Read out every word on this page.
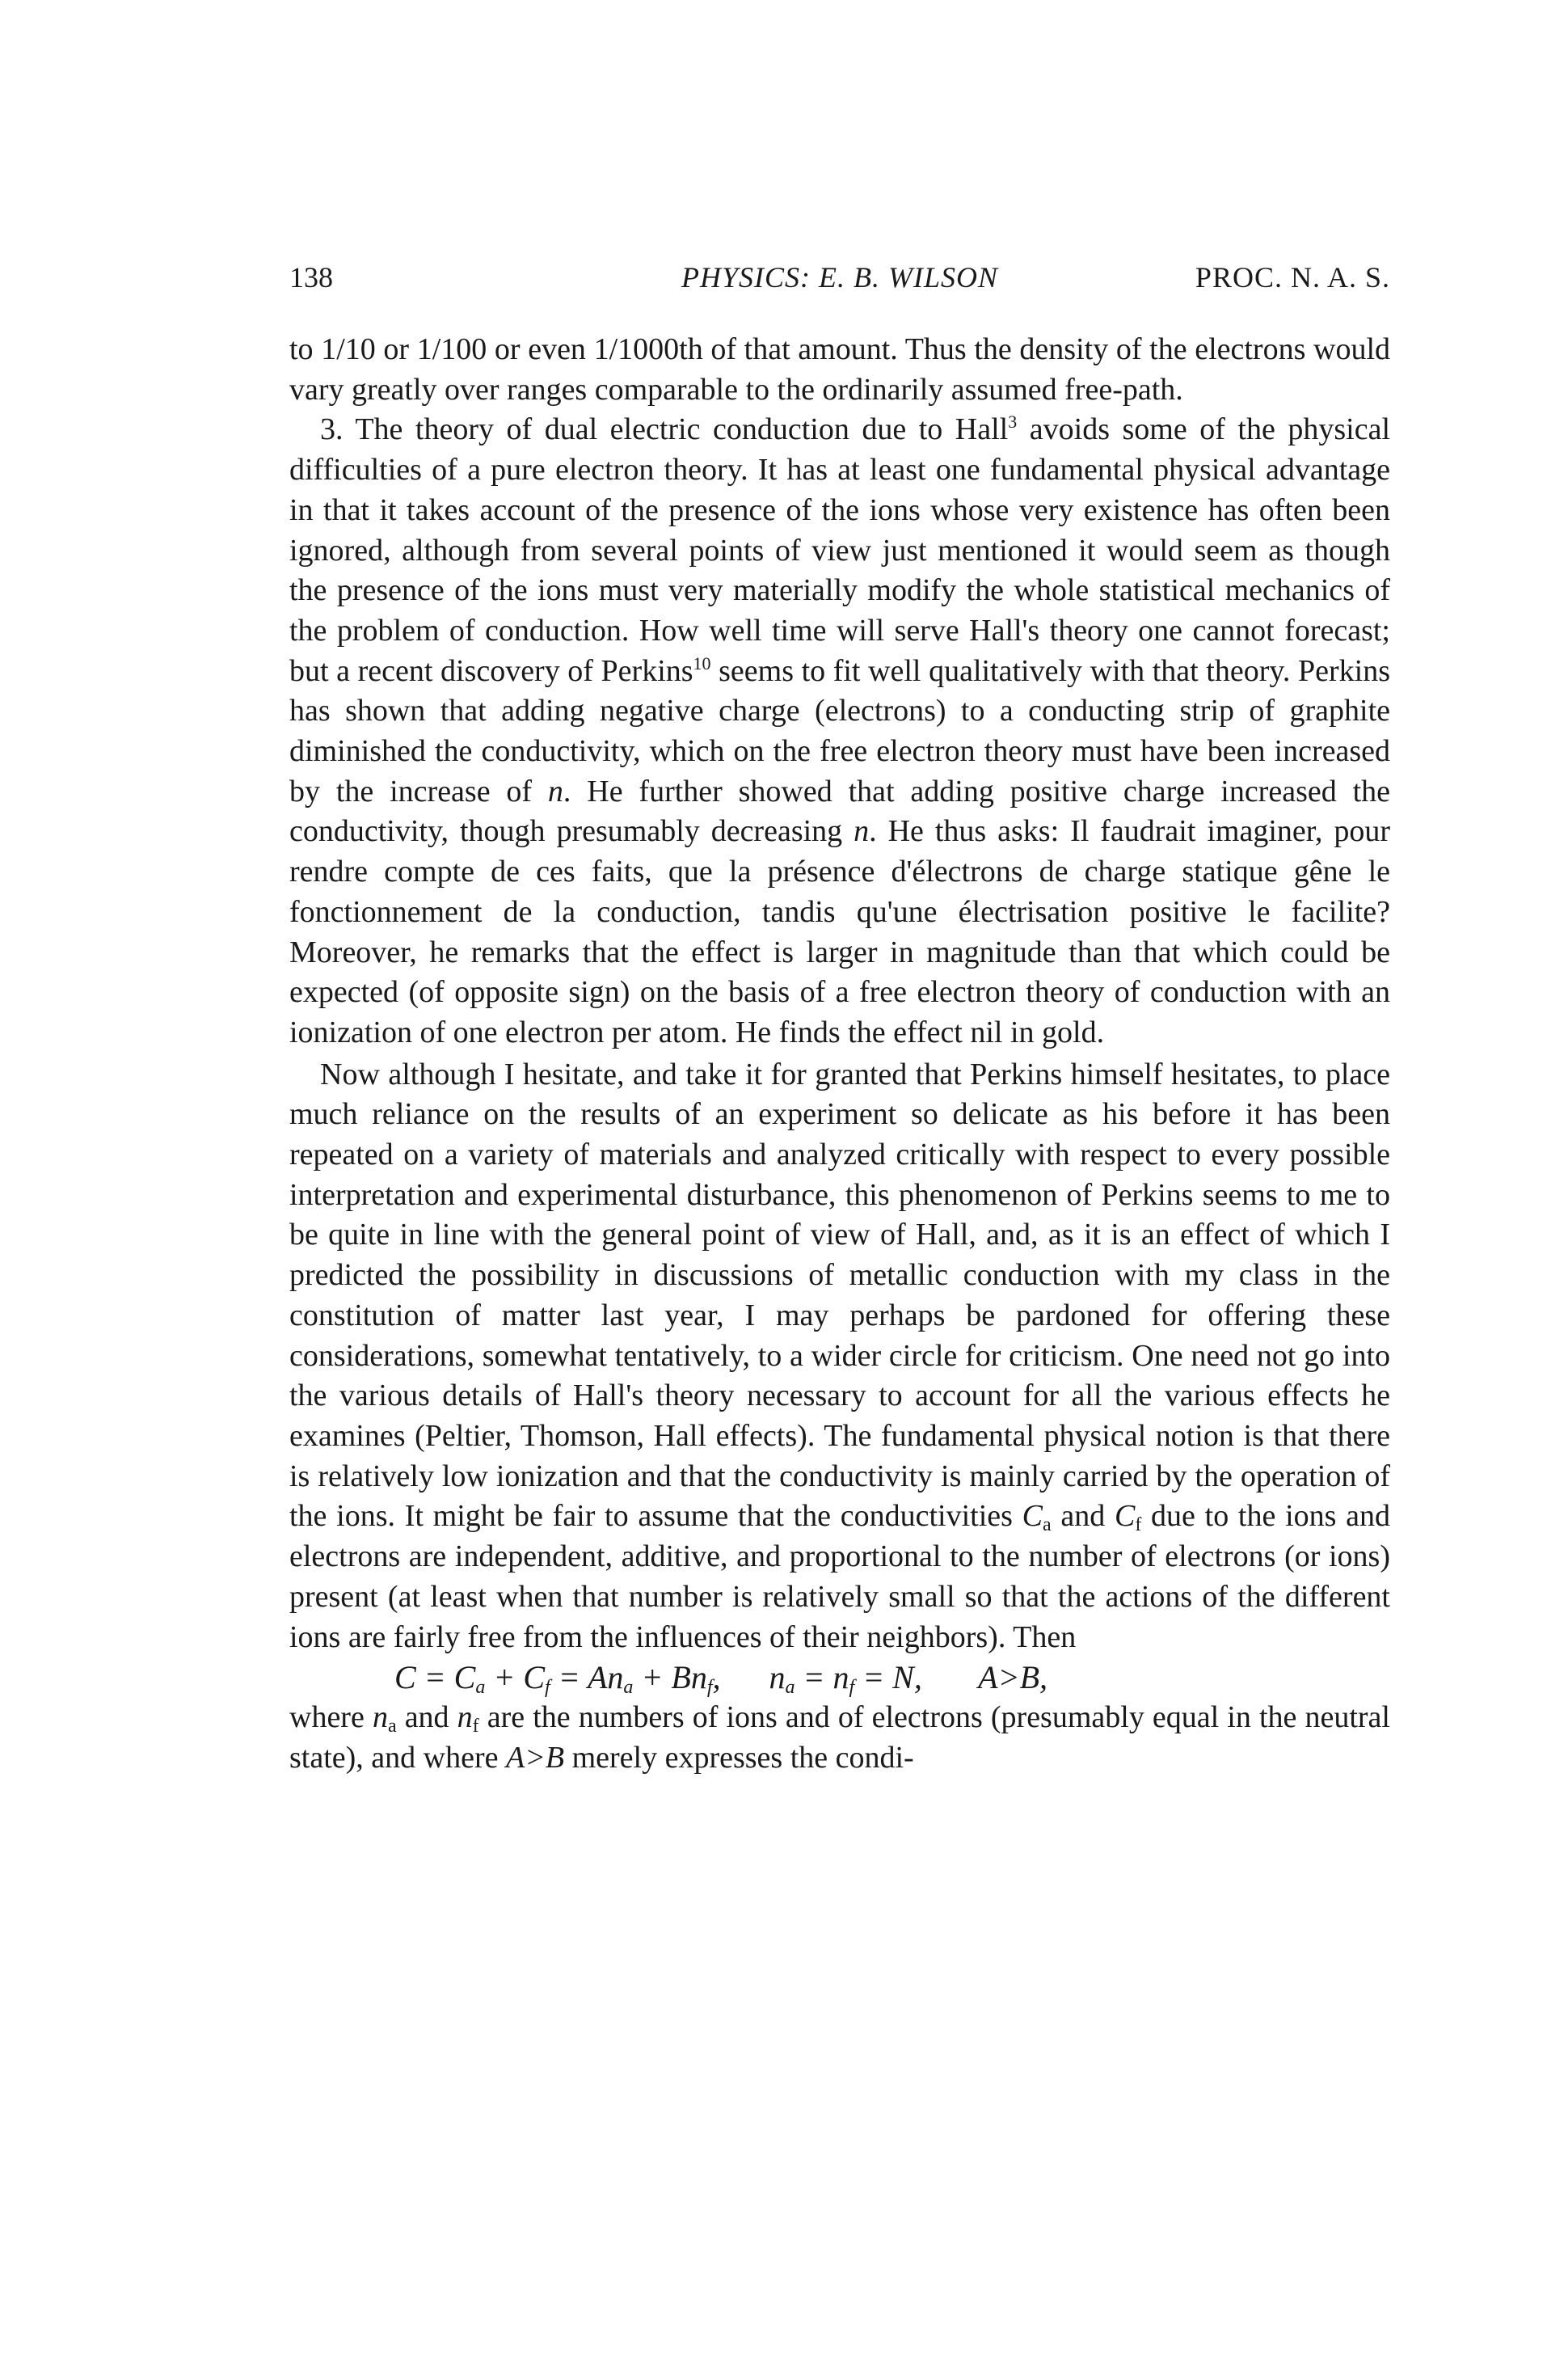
138	PHYSICS: E. B. WILSON	PROC. N. A. S.

to 1/10 or 1/100 or even 1/1000th of that amount. Thus the density of the electrons would vary greatly over ranges comparable to the ordinarily assumed free-path.

3. The theory of dual electric conduction due to Hall$^3$ avoids some of the physical difficulties of a pure electron theory. It has at least one fundamental physical advantage in that it takes account of the presence of the ions whose very existence has often been ignored, although from several points of view just mentioned it would seem as though the presence of the ions must very materially modify the whole statistical mechanics of the problem of conduction. How well time will serve Hall's theory one cannot forecast; but a recent discovery of Perkins$^{10}$ seems to fit well qualitatively with that theory. Perkins has shown that adding negative charge (electrons) to a conducting strip of graphite diminished the conductivity, which on the free electron theory must have been increased by the increase of n. He further showed that adding positive charge increased the conductivity, though presumably decreasing n. He thus asks: Il faudrait imaginer, pour rendre compte de ces faits, que la présence d'électrons de charge statique gêne le fonctionnement de la conduction, tandis qu'une électrisation positive le facilite? Moreover, he remarks that the effect is larger in magnitude than that which could be expected (of opposite sign) on the basis of a free electron theory of conduction with an ionization of one electron per atom. He finds the effect nil in gold.

Now although I hesitate, and take it for granted that Perkins himself hesitates, to place much reliance on the results of an experiment so delicate as his before it has been repeated on a variety of materials and analyzed critically with respect to every possible interpretation and experimental disturbance, this phenomenon of Perkins seems to me to be quite in line with the general point of view of Hall, and, as it is an effect of which I predicted the possibility in discussions of metallic conduction with my class in the constitution of matter last year, I may perhaps be pardoned for offering these considerations, somewhat tentatively, to a wider circle for criticism. One need not go into the various details of Hall's theory necessary to account for all the various effects he examines (Peltier, Thomson, Hall effects). The fundamental physical notion is that there is relatively low ionization and that the conductivity is mainly carried by the operation of the ions. It might be fair to assume that the conductivities $C_a$ and $C_f$ due to the ions and electrons are independent, additive, and proportional to the number of electrons (or ions) present (at least when that number is relatively small so that the actions of the different ions are fairly free from the influences of their neighbors). Then

$C = C_a + C_f = An_a + Bn_f$,      $n_a = n_f = N$,       A>B,

where $n_a$ and $n_f$ are the numbers of ions and of electrons (presumably equal in the neutral state), and where A>B merely expresses the condi-
